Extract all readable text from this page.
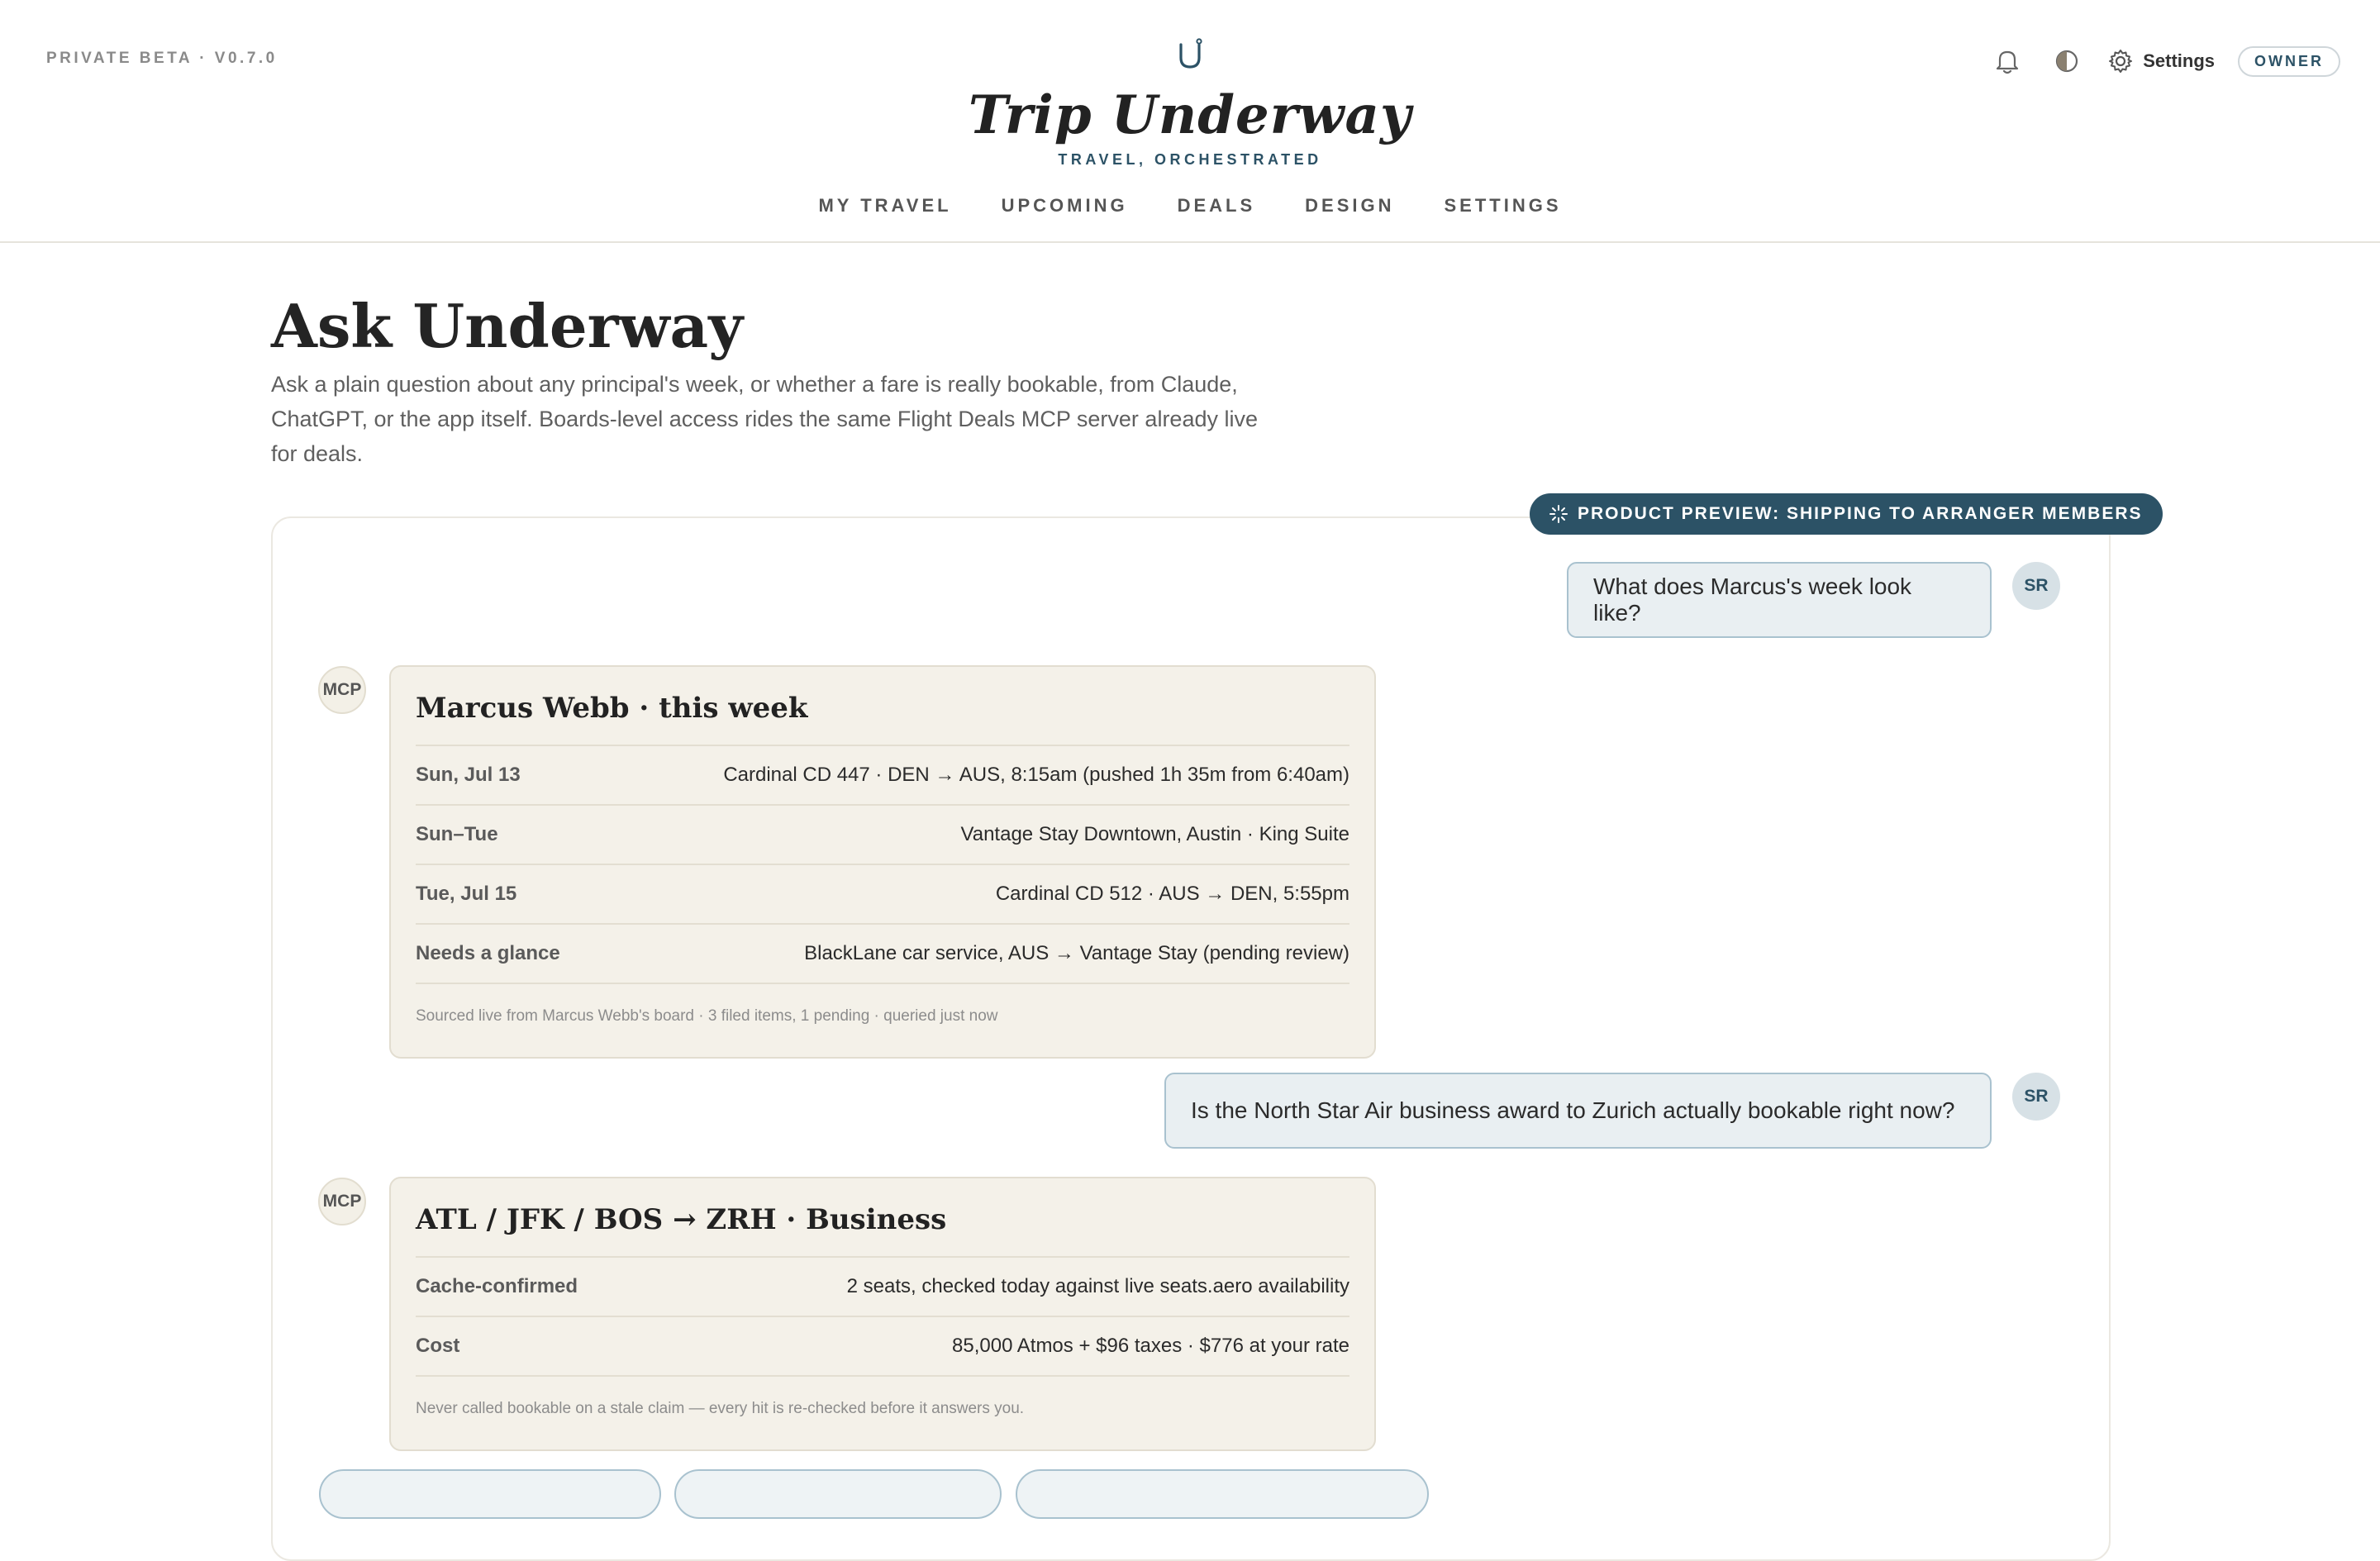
PRIVATE BETA · V0.7.0
Trip Underway
TRAVEL, ORCHESTRATED
MY TRAVEL	UPCOMING	DEALS	DESIGN	SETTINGS
Settings	OWNER
Ask Underway
Ask a plain question about any principal's week, or whether a fare is really bookable, from Claude, ChatGPT, or the app itself. Boards-level access rides the same Flight Deals MCP server already live for deals.
PRODUCT PREVIEW: SHIPPING TO ARRANGER MEMBERS
What does Marcus's week look like?
SR
MCP
Marcus Webb · this week
Sun, Jul 13	Cardinal CD 447 · DEN → AUS, 8:15am (pushed 1h 35m from 6:40am)
Sun–Tue	Vantage Stay Downtown, Austin · King Suite
Tue, Jul 15	Cardinal CD 512 · AUS → DEN, 5:55pm
Needs a glance	BlackLane car service, AUS → Vantage Stay (pending review)
Sourced live from Marcus Webb's board · 3 filed items, 1 pending · queried just now
Is the North Star Air business award to Zurich actually bookable right now?
SR
MCP
ATL / JFK / BOS → ZRH · Business
Cache-confirmed	2 seats, checked today against live seats.aero availability
Cost	85,000 Atmos + $96 taxes · $776 at your rate
Never called bookable on a stale claim — every hit is re-checked before it answers you.
